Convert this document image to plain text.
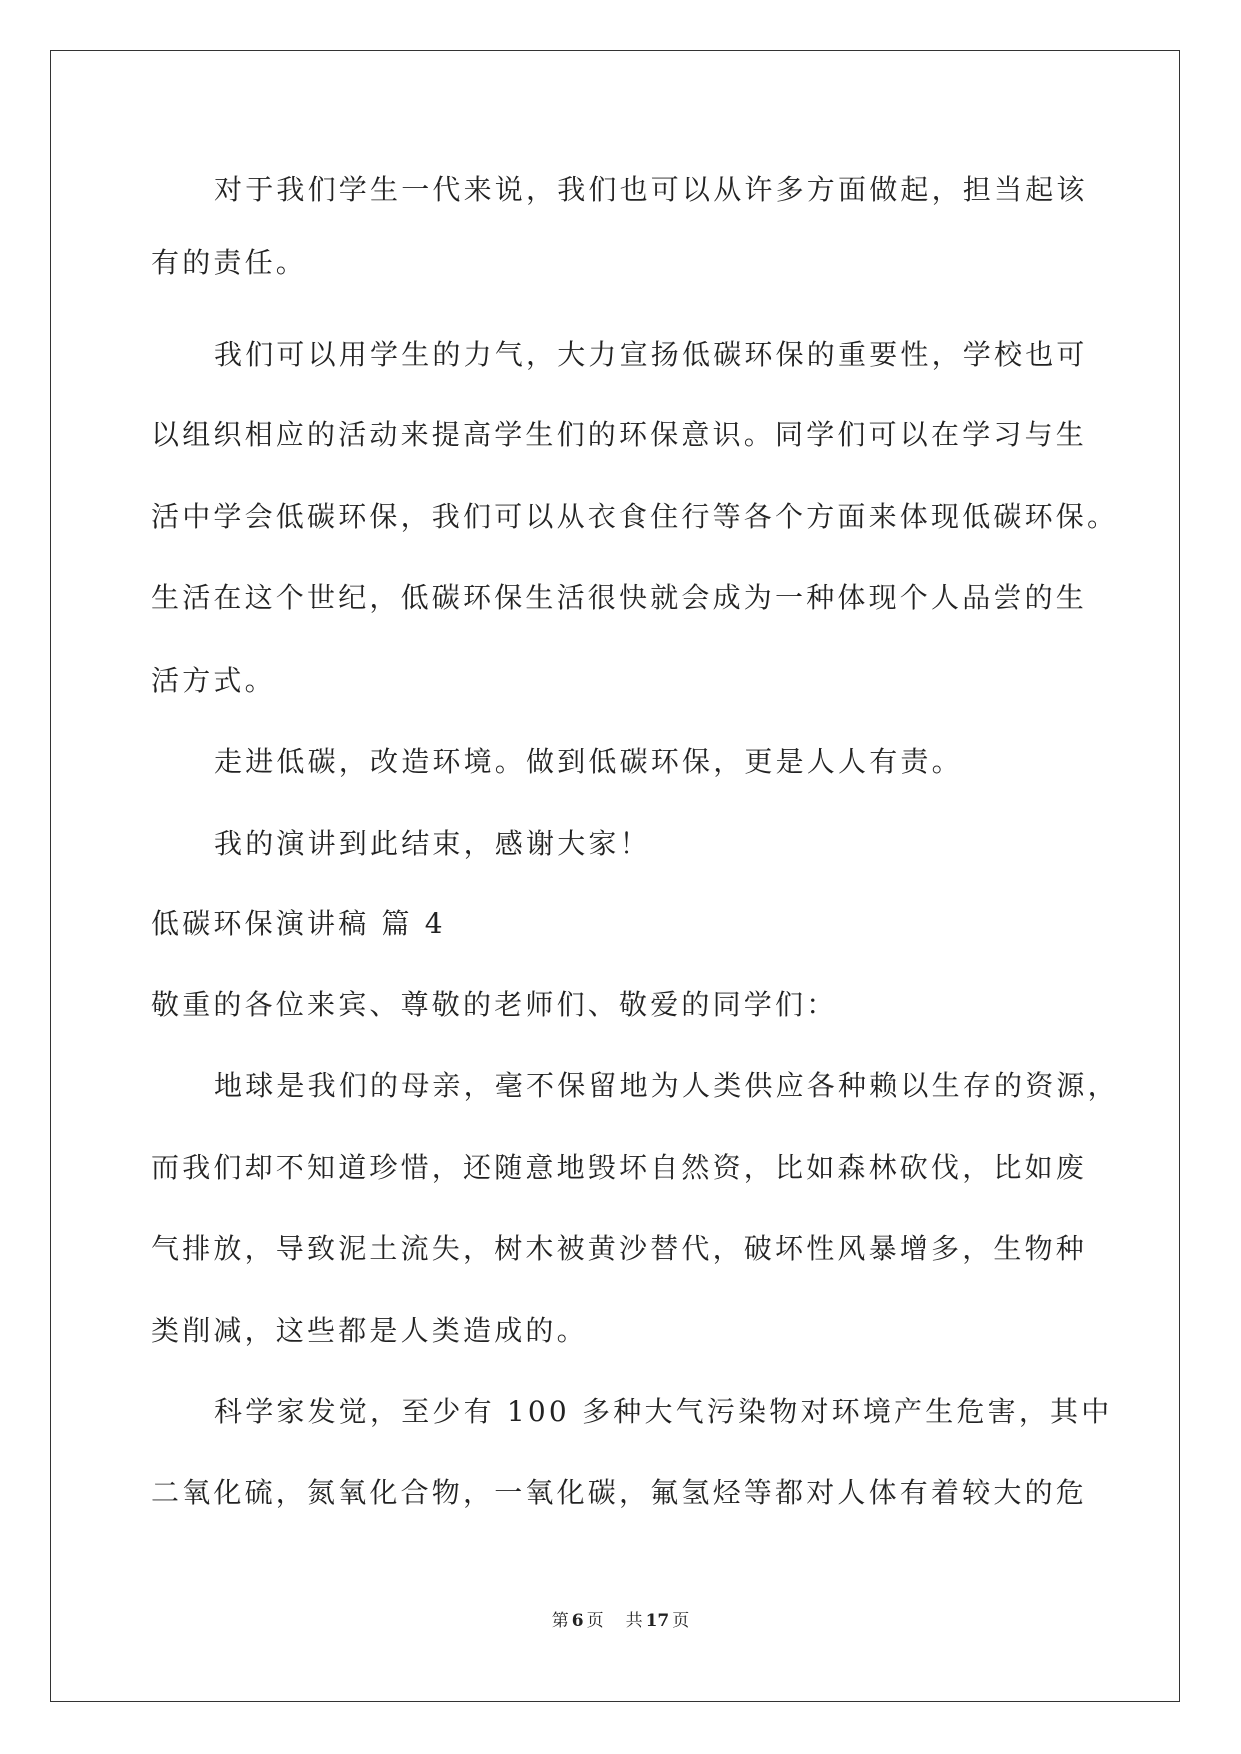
对于我们学生一代来说，我们也可以从许多方面做起，担当起该
有的责任。
我们可以用学生的力气，大力宣扬低碳环保的重要性，学校也可
以组织相应的活动来提高学生们的环保意识。同学们可以在学习与生
活中学会低碳环保，我们可以从衣食住行等各个方面来体现低碳环保。
生活在这个世纪，低碳环保生活很快就会成为一种体现个人品尝的生
活方式。
走进低碳，改造环境。做到低碳环保，更是人人有责。
我的演讲到此结束，感谢大家！
低碳环保演讲稿 篇 4
敬重的各位来宾、尊敬的老师们、敬爱的同学们：
地球是我们的母亲，毫不保留地为人类供应各种赖以生存的资源，
而我们却不知道珍惜，还随意地毁坏自然资，比如森林砍伐，比如废
气排放，导致泥土流失，树木被黄沙替代，破坏性风暴增多，生物种
类削减，这些都是人类造成的。
科学家发觉，至少有 100 多种大气污染物对环境产生危害，其中
二氧化硫，氮氧化合物，一氧化碳，氟氢烃等都对人体有着较大的危
第 6 页 共 17 页
